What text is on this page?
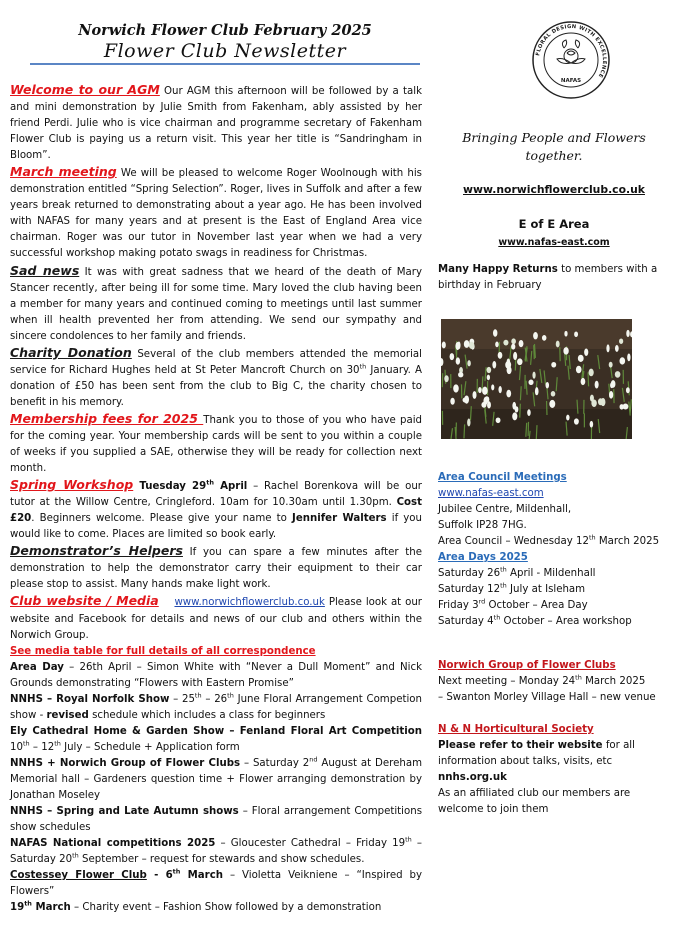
Norwich Flower Club February 2025
Flower Club Newsletter	FLORAL DESIGN WITH EXCELLENCE
NAFAS

Welcome to our AGM Our AGM this afternoon will be followed by a talk and mini demonstration by Julie Smith from Fakenham, ably assisted by her friend Perdi. Julie who is vice chairman and programme secretary of Fakenham Flower Club is paying us a return visit. This year her title is “Sandringham in Bloom”.

March meeting We will be pleased to welcome Roger Woolnough with his demonstration entitled “Spring Selection”. Roger, lives in Suffolk and after a few years break returned to demonstrating about a year ago. He has been involved with NAFAS for many years and at present is the East of England Area vice chairman. Roger was our tutor in November last year when we had a very successful workshop making potato swags in readiness for Christmas.

Sad news It was with great sadness that we heard of the death of Mary Stancer recently, after being ill for some time. Mary loved the club having been a member for many years and continued coming to meetings until last summer when ill health prevented her from attending. We send our sympathy and sincere condolences to her family and friends.

Charity Donation Several of the club members attended the memorial service for Richard Hughes held at St Peter Mancroft Church on 30th January. A donation of £50 has been sent from the club to Big C, the charity chosen to benefit in his memory.

Membership fees for 2025 Thank you to those of you who have paid for the coming year. Your membership cards will be sent to you within a couple of weeks if you supplied a SAE, otherwise they will be ready for collection next month.

Spring Workshop Tuesday 29th April – Rachel Borenkova will be our tutor at the Willow Centre, Cringleford. 10am for 10.30am until 1.30pm. Cost £20. Beginners welcome. Please give your name to Jennifer Walters if you would like to come. Places are limited so book early.

Demonstrator’s Helpers If you can spare a few minutes after the demonstration to help the demonstrator carry their equipment to their car please stop to assist. Many hands make light work.

Club website / Media www.norwichflowerclub.co.uk Please look at our website and Facebook for details and news of our club and others within the Norwich Group.

See media table for full details of all correspondence

Area Day – 26th April – Simon White with “Never a Dull Moment” and Nick Grounds demonstrating “Flowers with Eastern Promise”

NNHS – Royal Norfolk Show – 25th – 26th June Floral Arrangement Competion show - revised schedule which includes a class for beginners

Ely Cathedral Home & Garden Show – Fenland Floral Art Competition 10th – 12th July – Schedule + Application form

NNHS + Norwich Group of Flower Clubs – Saturday 2nd August at Dereham Memorial hall – Gardeners question time + Flower arranging demonstration by Jonathan Moseley

NNHS – Spring and Late Autumn shows – Floral arrangement Competitions show schedules

NAFAS National competitions 2025 – Gloucester Cathedral – Friday 19th – Saturday 20th September – request for stewards and show schedules.

Costessey Flower Club - 6th March – Violetta Veikniene – “Inspired by Flowers”

19th March – Charity event – Fashion Show followed by a demonstration

Bringing People and Flowers together.
www.norwichflowerclub.co.uk
E of E Area
www.nafas-east.com
Many Happy Returns to members with a birthday in February
Area Council Meetings
www.nafas-east.com
Jubilee Centre, Mildenhall,
Suffolk IP28 7HG.
Area Council – Wednesday 12th March 2025
Area Days 2025
Saturday 26th April - Mildenhall
Saturday 12th July at Isleham
Friday 3rd October – Area Day
Saturday 4th October – Area workshop
Norwich Group of Flower Clubs
Next meeting – Monday 24th March 2025
– Swanton Morley Village Hall – new venue
N & N Horticultural Society
Please refer to their website for all information about talks, visits, etc
nnhs.org.uk
As an affiliated club our members are welcome to join them
